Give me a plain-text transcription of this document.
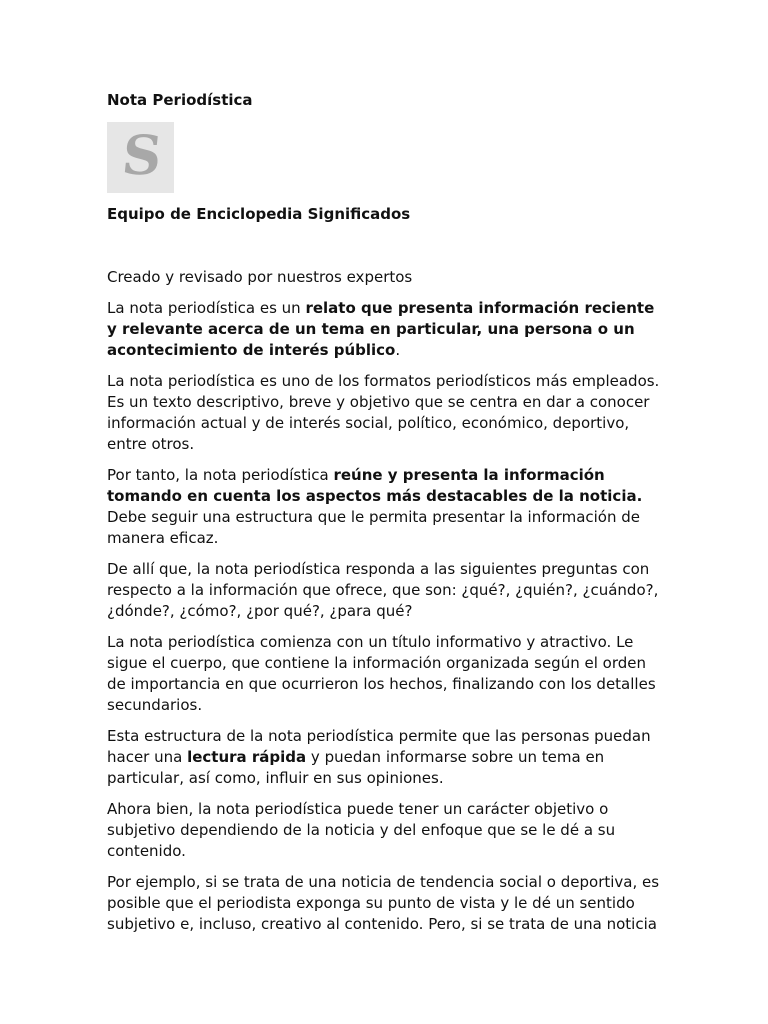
Nota Periodística
S
Equipo de Enciclopedia Significados

Creado y revisado por nuestros expertos

La nota periodística es un relato que presenta información reciente y relevante acerca de un tema en particular, una persona o un acontecimiento de interés público.

La nota periodística es uno de los formatos periodísticos más empleados. Es un texto descriptivo, breve y objetivo que se centra en dar a conocer información actual y de interés social, político, económico, deportivo, entre otros.

Por tanto, la nota periodística reúne y presenta la información tomando en cuenta los aspectos más destacables de la noticia. Debe seguir una estructura que le permita presentar la información de manera eficaz.

De allí que, la nota periodística responda a las siguientes preguntas con respecto a la información que ofrece, que son: ¿qué?, ¿quién?, ¿cuándo?, ¿dónde?, ¿cómo?, ¿por qué?, ¿para qué?

La nota periodística comienza con un título informativo y atractivo. Le sigue el cuerpo, que contiene la información organizada según el orden de importancia en que ocurrieron los hechos, finalizando con los detalles secundarios.

Esta estructura de la nota periodística permite que las personas puedan hacer una lectura rápida y puedan informarse sobre un tema en particular, así como, influir en sus opiniones.

Ahora bien, la nota periodística puede tener un carácter objetivo o subjetivo dependiendo de la noticia y del enfoque que se le dé a su contenido.

Por ejemplo, si se trata de una noticia de tendencia social o deportiva, es posible que el periodista exponga su punto de vista y le dé un sentido subjetivo e, incluso, creativo al contenido. Pero, si se trata de una noticia
